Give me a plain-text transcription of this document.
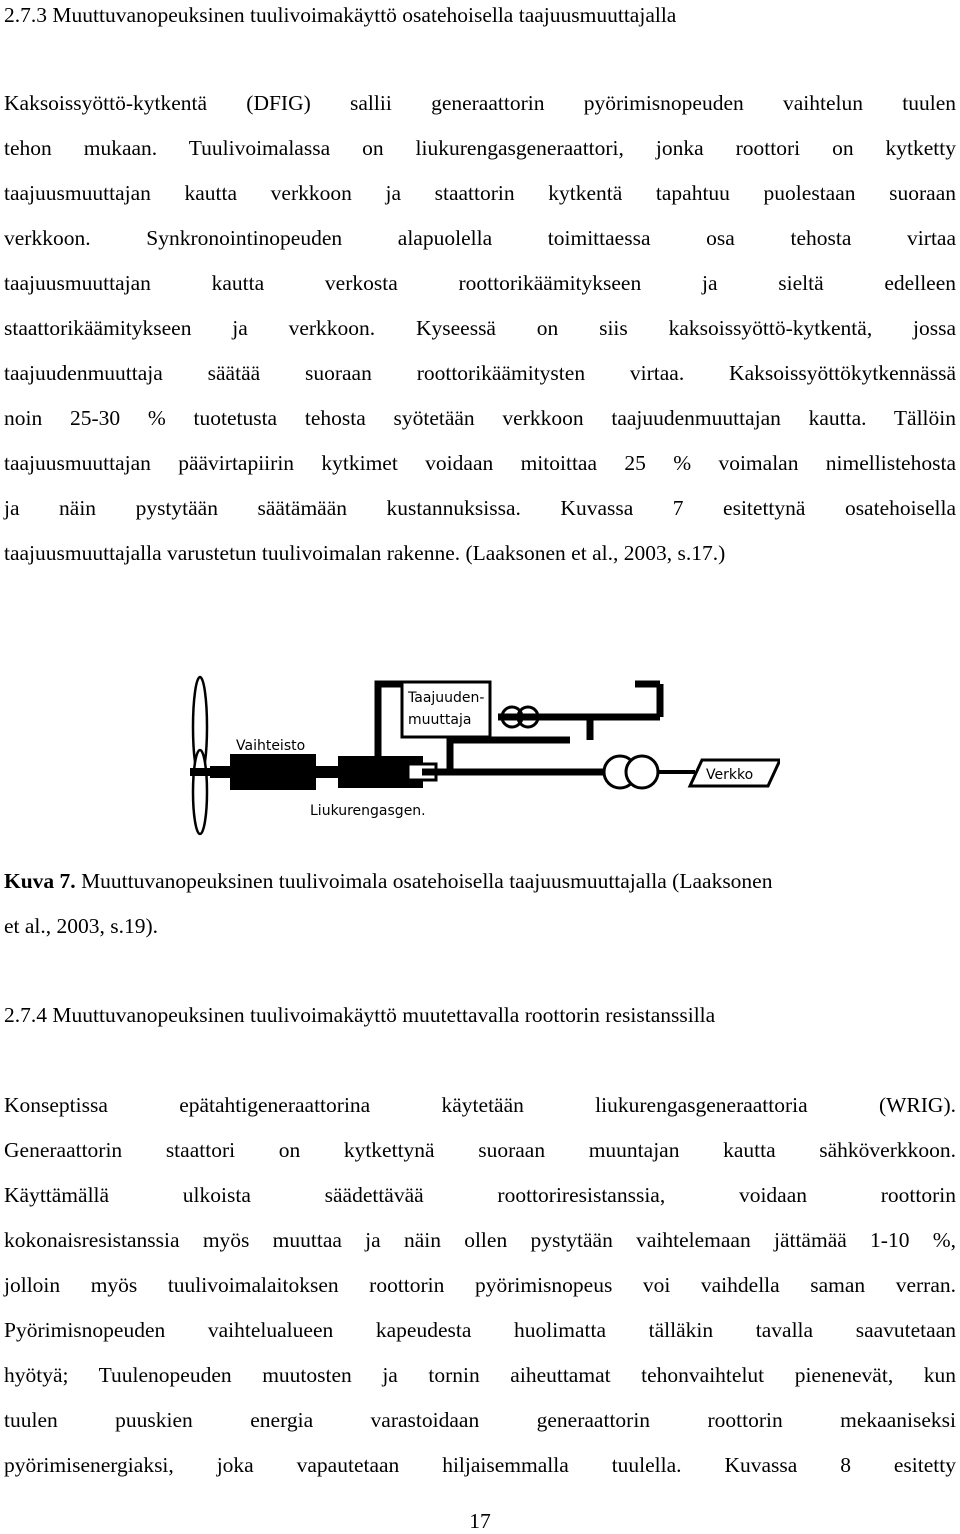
2.7.3 Muuttuvanopeuksinen tuulivoimakäyttö osatehoisella taajuusmuuttajalla
Kaksoissyöttö-kytkentä (DFIG) sallii generaattorin pyörimisnopeuden vaihtelun tuulen
tehon mukaan. Tuulivoimalassa on liukurengasgeneraattori, jonka roottori on kytketty
taajuusmuuttajan kautta verkkoon ja staattorin kytkentä tapahtuu puolestaan suoraan
verkkoon. Synkronointinopeuden alapuolella toimittaessa osa tehosta virtaa
taajuusmuuttajan kautta verkosta roottorikäämitykseen ja sieltä edelleen
staattorikäämitykseen ja verkkoon. Kyseessä on siis kaksoissyöttö-kytkentä, jossa
taajuudenmuuttaja säätää suoraan roottorikäämitysten virtaa. Kaksoissyöttökytkennässä
noin 25-30 % tuotetusta tehosta syötetään verkkoon taajuudenmuuttajan kautta. Tällöin
taajuusmuuttajan päävirtapiirin kytkimet voidaan mitoittaa 25 % voimalan nimellistehosta
ja näin pystytään säätämään kustannuksissa. Kuvassa 7 esitettynä osatehoisella
taajuusmuuttajalla varustetun tuulivoimalan rakenne. (Laaksonen et al., 2003, s.17.)
Vaihteisto
Liukurengasgen.
Taajuuden-
muuttaja
Verkko
Kuva 7. Muuttuvanopeuksinen tuulivoimala osatehoisella taajuusmuuttajalla (Laaksonen
et al., 2003, s.19).
2.7.4 Muuttuvanopeuksinen tuulivoimakäyttö muutettavalla roottorin resistanssilla
Konseptissa epätahtigeneraattorina käytetään liukurengasgeneraattoria (WRIG).
Generaattorin staattori on kytkettynä suoraan muuntajan kautta sähköverkkoon.
Käyttämällä ulkoista säädettävää roottoriresistanssia, voidaan roottorin
kokonaisresistanssia myös muuttaa ja näin ollen pystytään vaihtelemaan jättämää 1-10 %,
jolloin myös tuulivoimalaitoksen roottorin pyörimisnopeus voi vaihdella saman verran.
Pyörimisnopeuden vaihtelualueen kapeudesta huolimatta tälläkin tavalla saavutetaan
hyötyä; Tuulenopeuden muutosten ja tornin aiheuttamat tehonvaihtelut pienenevät, kun
tuulen puuskien energia varastoidaan generaattorin roottorin mekaaniseksi
pyörimisenergiaksi, joka vapautetaan hiljaisemmalla tuulella. Kuvassa 8 esitetty
17
